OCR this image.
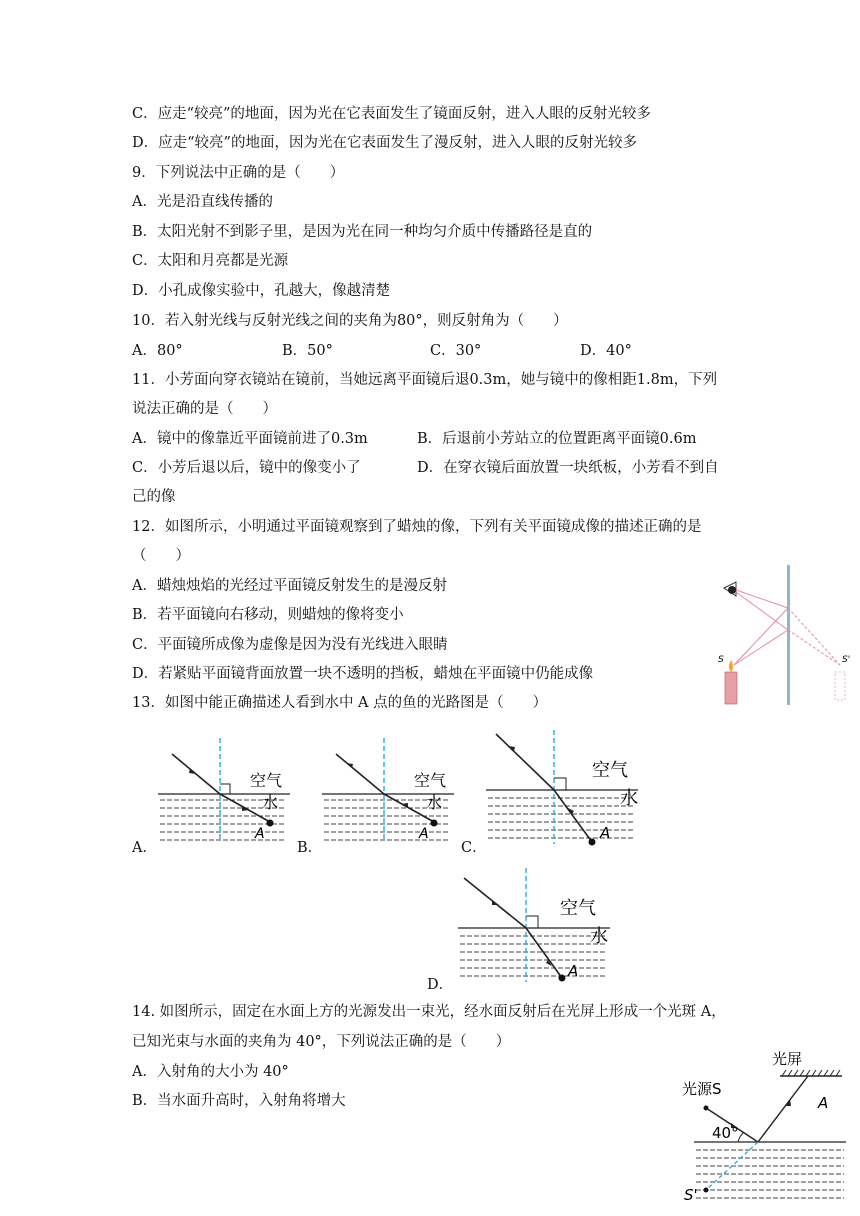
C．应走“较亮”的地面，因为光在它表面发生了镜面反射，进入人眼的反射光较多
D．应走“较亮”的地面，因为光在它表面发生了漫反射，进入人眼的反射光较多
9．下列说法中正确的是（　　）
A．光是沿直线传播的
B．太阳光射不到影子里，是因为光在同一种均匀介质中传播路径是直的
C．太阳和月亮都是光源
D．小孔成像实验中，孔越大，像越清楚
10．若入射光线与反射光线之间的夹角为80°，则反射角为（　　）
A．80°	B．50°	C．30°	D．40°
11．小芳面向穿衣镜站在镜前，当她远离平面镜后退0.3m，她与镜中的像相距1.8m，下列
说法正确的是（　　）
A．镜中的像靠近平面镜前进了0.3m	B．后退前小芳站立的位置距离平面镜0.6m
C．小芳后退以后，镜中的像变小了	D．在穿衣镜后面放置一块纸板，小芳看不到自
己的像
12．如图所示，小明通过平面镜观察到了蜡烛的像，下列有关平面镜成像的描述正确的是
（　　）
A．蜡烛烛焰的光经过平面镜反射发生的是漫反射
B．若平面镜向右移动，则蜡烛的像将变小
C．平面镜所成像为虚像是因为没有光线进入眼睛
D．若紧贴平面镜背面放置一块不透明的挡板，蜡烛在平面镜中仍能成像
13．如图中能正确描述人看到水中 A 点的鱼的光路图是（　　）
14. 如图所示，固定在水面上方的光源发出一束光，经水面反射后在光屏上形成一个光斑 A，
已知光束与水面的夹角为 40°，下列说法正确的是（　　）
A．入射角的大小为 40°
B．当水面升高时，入射角将增大
S	S'
A．
空气
水
A
B．
空气
水
A
C．
空气
水
A
D．
空气
水
A
光屏
光源S
40°
A
S'
